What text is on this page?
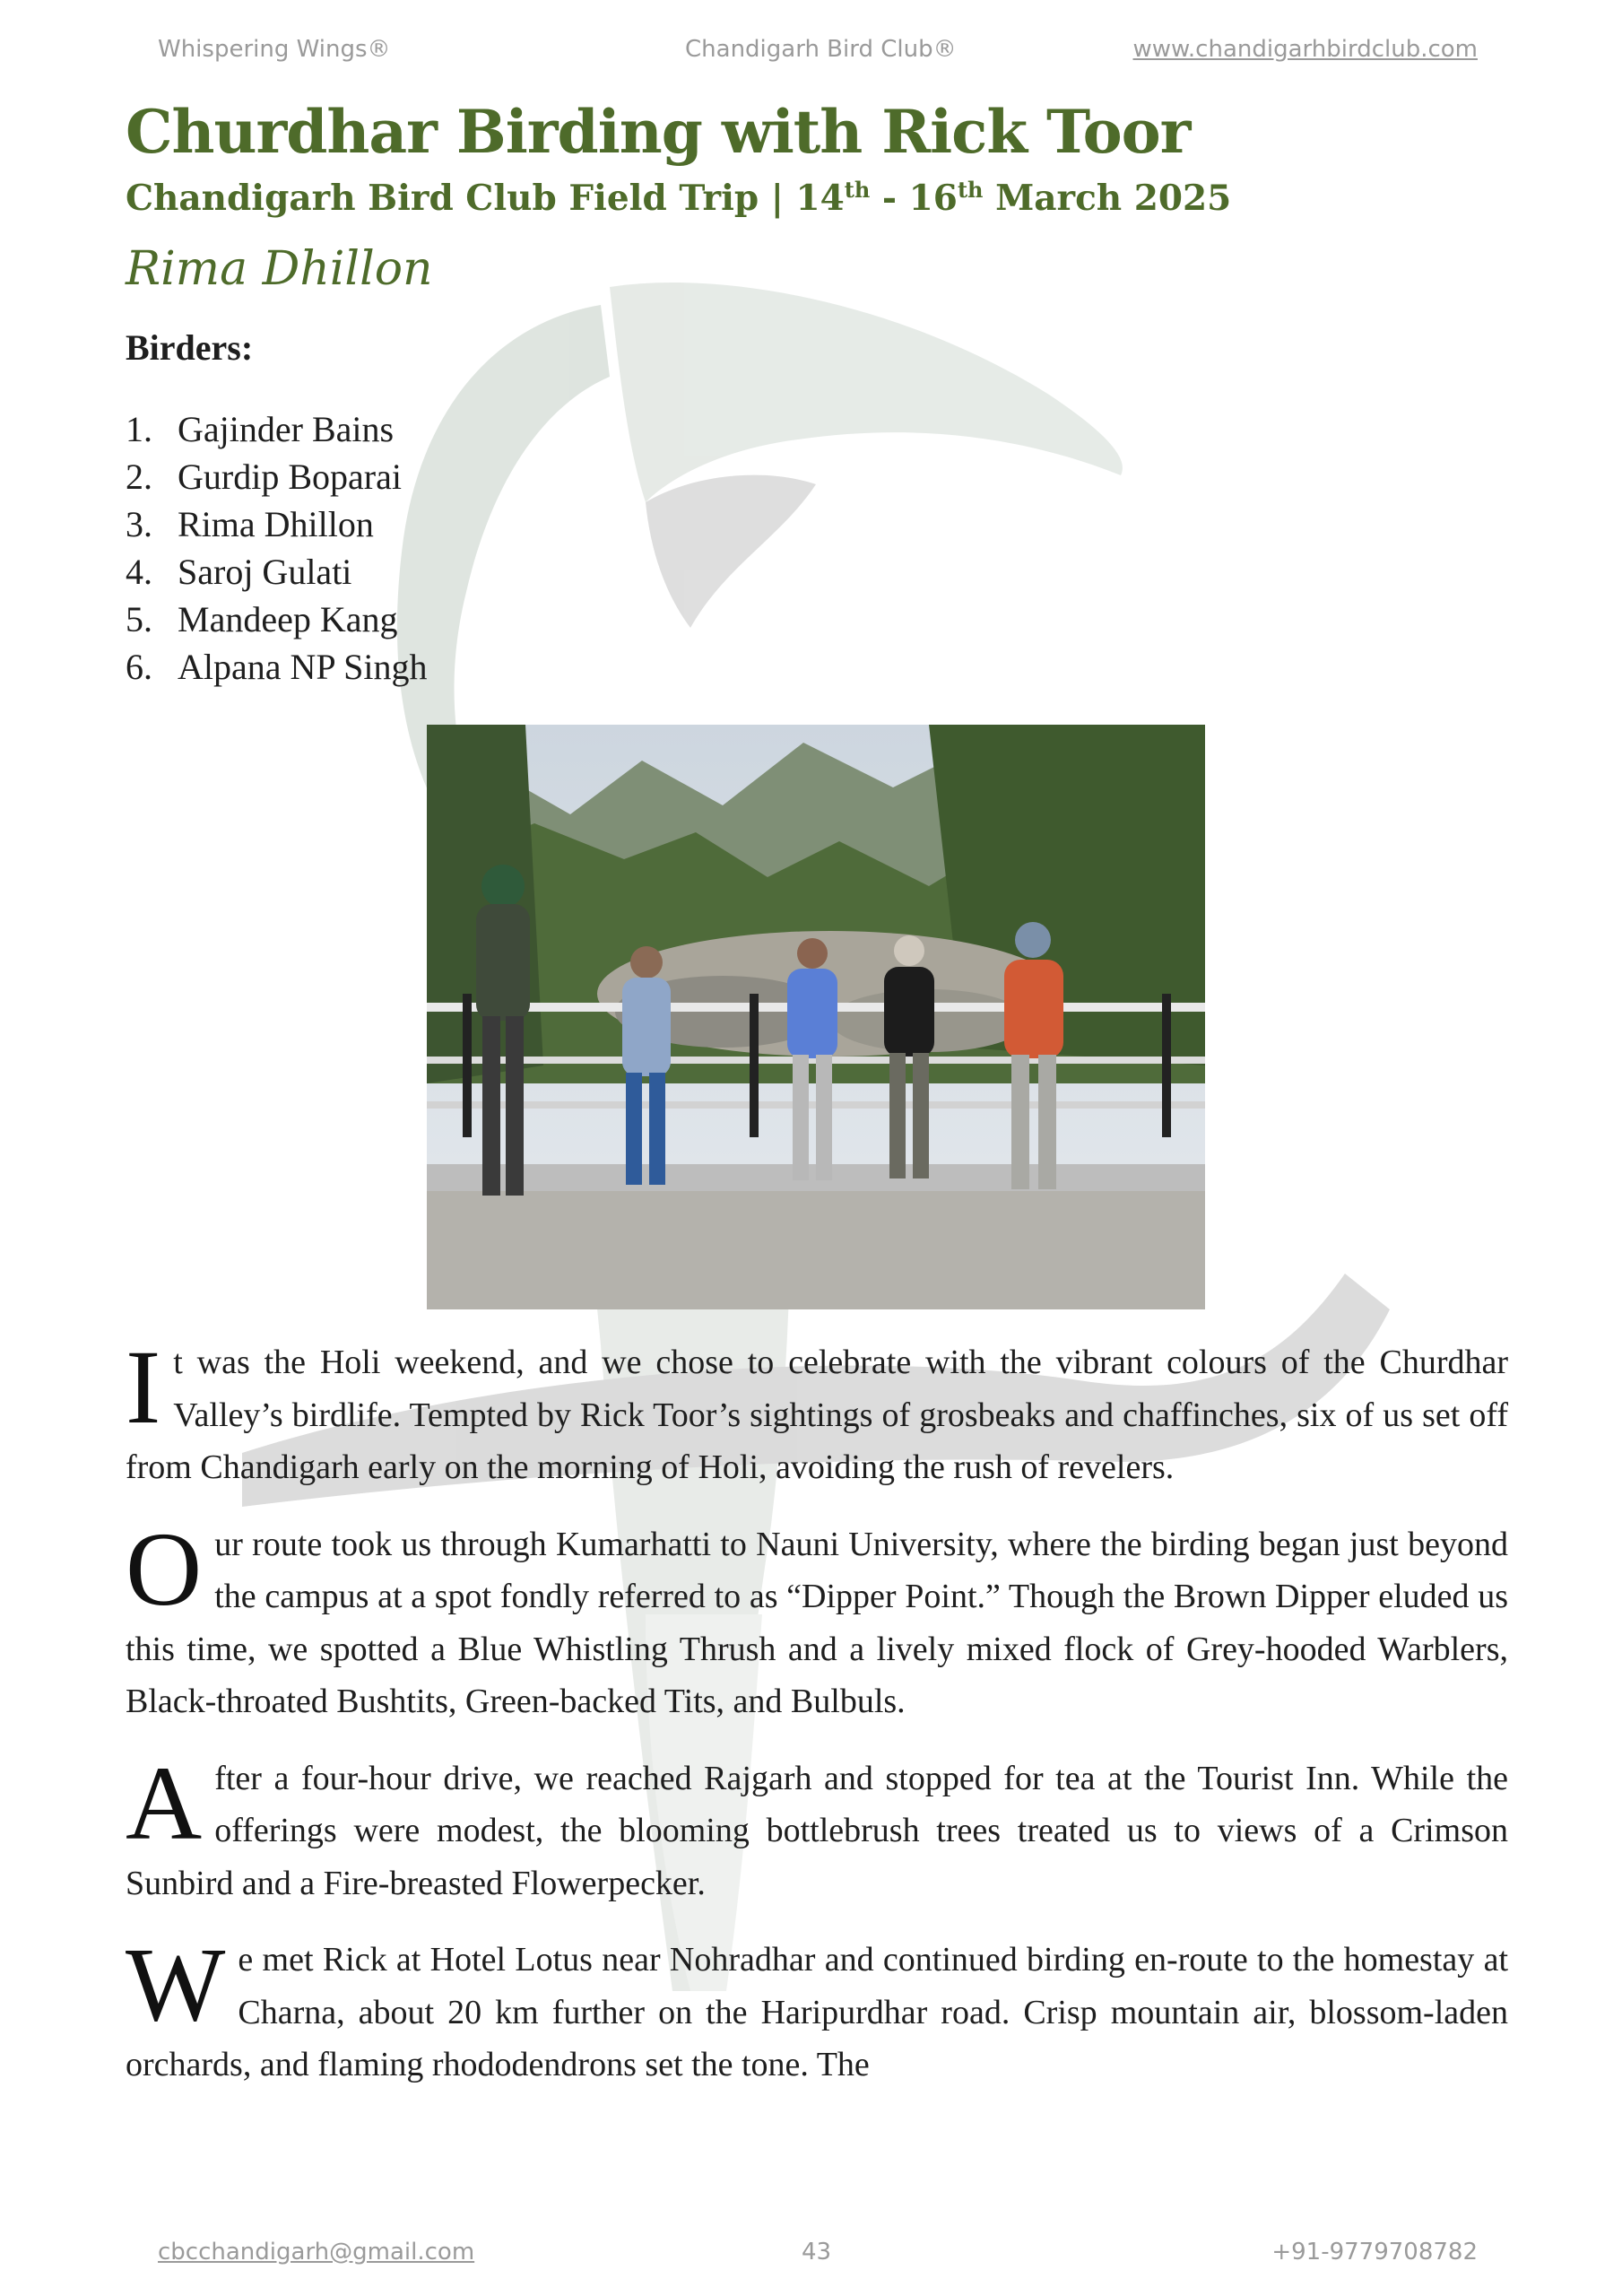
Whispering Wings®	Chandigarh Bird Club®	www.chandigarhbirdclub.com
Churdhar Birding with Rick Toor
Chandigarh Bird Club Field Trip | 14th - 16th March 2025
Rima Dhillon
Birders:
1. Gajinder Bains
2. Gurdip Boparai
3. Rima Dhillon
4. Saroj Gulati
5. Mandeep Kang
6. Alpana NP Singh

It was the Holi weekend, and we chose to celebrate with the vibrant colours of the Churdhar Valley’s birdlife. Tempted by Rick Toor’s sightings of grosbeaks and chaffinches, six of us set off from Chandigarh early on the morning of Holi, avoiding the rush of revelers.

Our route took us through Kumarhatti to Nauni University, where the birding began just beyond the campus at a spot fondly referred to as “Dipper Point.” Though the Brown Dipper eluded us this time, we spotted a Blue Whistling Thrush and a lively mixed flock of Grey-hooded Warblers, Black-throated Bushtits, Green-backed Tits, and Bulbuls.

After a four-hour drive, we reached Rajgarh and stopped for tea at the Tourist Inn. While the offerings were modest, the blooming bottlebrush trees treated us to views of a Crimson Sunbird and a Fire-breasted Flowerpecker.

We met Rick at Hotel Lotus near Nohradhar and continued birding en-route to the homestay at Charna, about 20 km further on the Haripurdhar road. Crisp mountain air, blossom-laden orchards, and flaming rhododendrons set the tone. The

cbcchandigarh@gmail.com	43	+91-9779708782
